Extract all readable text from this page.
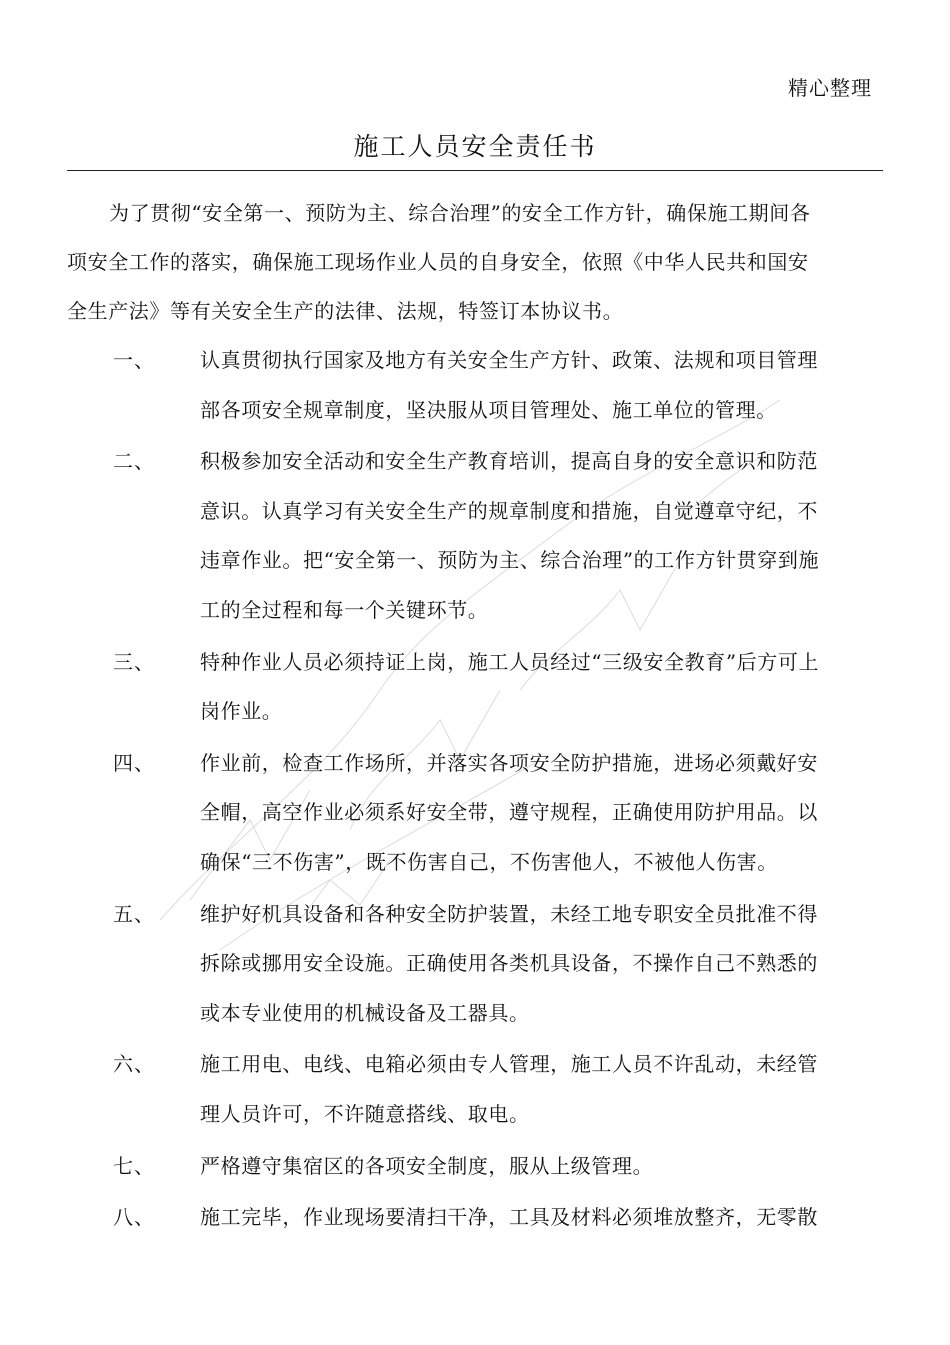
精心整理
施工人员安全责任书
为了贯彻“安全第一、预防为主、综合治理”的安全工作方针，确保施工期间各项安全工作的落实，确保施工现场作业人员的自身安全，依照《中华人民共和国安全生产法》等有关安全生产的法律、法规，特签订本协议书。
一、 认真贯彻执行国家及地方有关安全生产方针、政策、法规和项目管理部各项安全规章制度，坚决服从项目管理处、施工单位的管理。
二、 积极参加安全活动和安全生产教育培训，提高自身的安全意识和防范意识。认真学习有关安全生产的规章制度和措施，自觉遵章守纪，不违章作业。把“安全第一、预防为主、综合治理”的工作方针贯穿到施工的全过程和每一个关键环节。
三、 特种作业人员必须持证上岗，施工人员经过“三级安全教育”后方可上岗作业。
四、 作业前，检查工作场所，并落实各项安全防护措施，进场必须戴好安全帽，高空作业必须系好安全带，遵守规程，正确使用防护用品。以确保“三不伤害”，既不伤害自己，不伤害他人，不被他人伤害。
五、 维护好机具设备和各种安全防护装置，未经工地专职安全员批准不得拆除或挪用安全设施。正确使用各类机具设备，不操作自己不熟悉的或本专业使用的机械设备及工器具。
六、 施工用电、电线、电箱必须由专人管理，施工人员不许乱动，未经管理人员许可，不许随意搭线、取电。
七、 严格遵守集宿区的各项安全制度，服从上级管理。
八、 施工完毕，作业现场要清扫干净，工具及材料必须堆放整齐，无零散
